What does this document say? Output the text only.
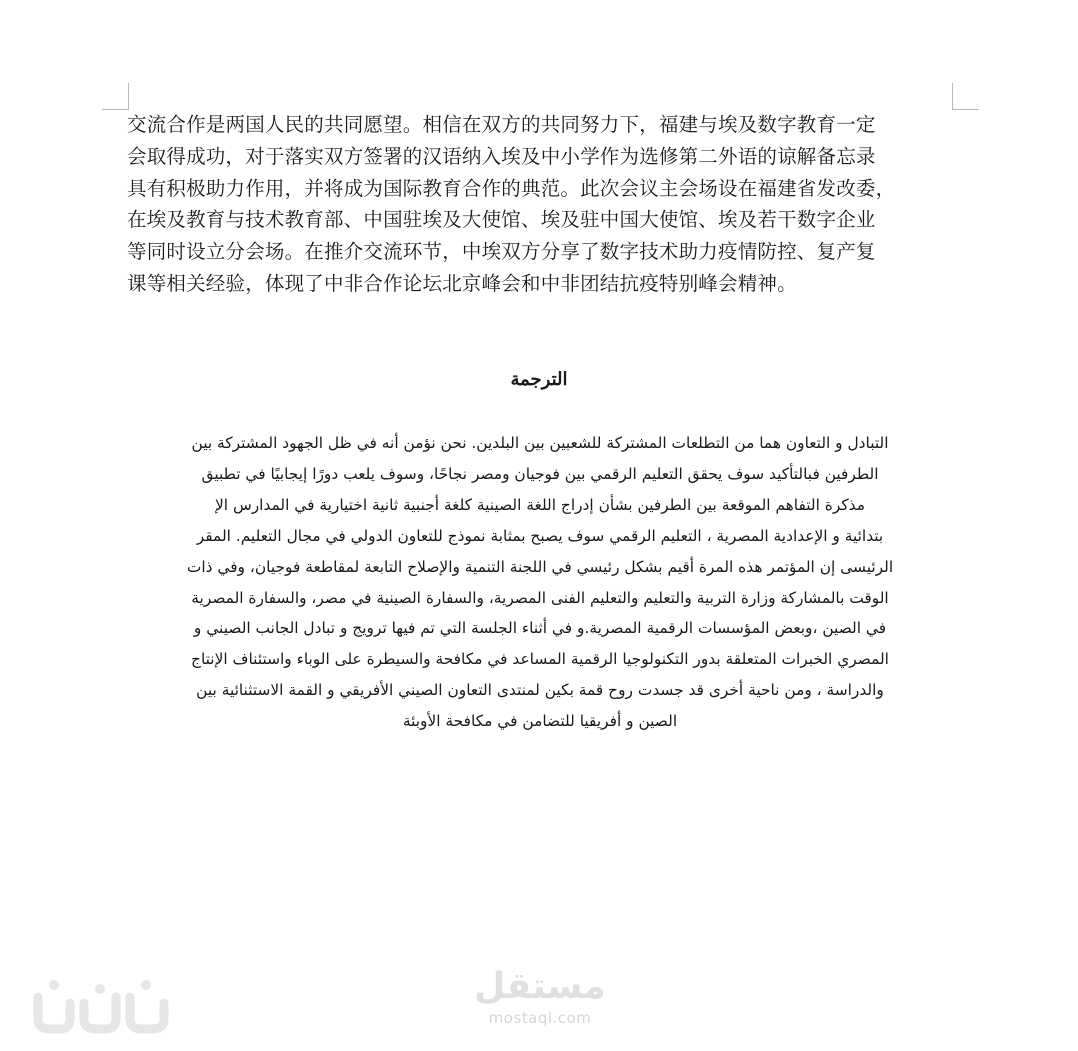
交流合作是两国人民的共同愿望。相信在双方的共同努力下，福建与埃及数字教育一定
会取得成功，对于落实双方签署的汉语纳入埃及中小学作为选修第二外语的谅解备忘录
具有积极助力作用，并将成为国际教育合作的典范。此次会议主会场设在福建省发改委，
在埃及教育与技术教育部、中国驻埃及大使馆、埃及驻中国大使馆、埃及若干数字企业
等同时设立分会场。在推介交流环节，中埃双方分享了数字技术助力疫情防控、复产复
课等相关经验，体现了中非合作论坛北京峰会和中非团结抗疫特别峰会精神。

الترجمة

التبادل و التعاون هما من التطلعات المشتركة للشعبين بين البلدين. نحن نؤمن أنه في ظل الجهود المشتركة بين
الطرفين فبالتأكيد سوف يحقق التعليم الرقمي بين فوجيان ومصر نجاحًا، وسوف يلعب دورًا إيجابيًا في تطبيق
مذكرة التفاهم الموقعة بين الطرفين بشأن إدراج اللغة الصينية كلغة أجنبية ثانية اختيارية في المدارس الإ
بتدائية و الإعدادية المصرية ، التعليم الرقمي سوف يصبح بمثابة نموذج للتعاون الدولي في مجال التعليم. المقر
الرئيسى إن المؤتمر هذه المرة أقيم بشكل رئيسي في اللجنة التنمية والإصلاح التابعة لمقاطعة فوجيان، وفي ذات
الوقت بالمشاركة وزارة التربية والتعليم والتعليم الفنى المصرية، والسفارة الصينية في مصر، والسفارة المصرية
في الصين ،وبعض المؤسسات الرقمية المصرية.و في أثناء الجلسة التي تم فيها ترويج و تبادل الجانب الصيني و
المصري الخبرات المتعلقة بدور التكنولوجيا الرقمية المساعد في مكافحة والسيطرة على الوباء واستئناف الإنتاج
والدراسة ، ومن ناحية أخرى قد جسدت روح قمة بكين لمنتدى التعاون الصيني الأفريقي و القمة الاستثنائية بين
الصين و أفريقيا للتضامن في مكافحة الأوبئة

مستقل
mostaql.com
